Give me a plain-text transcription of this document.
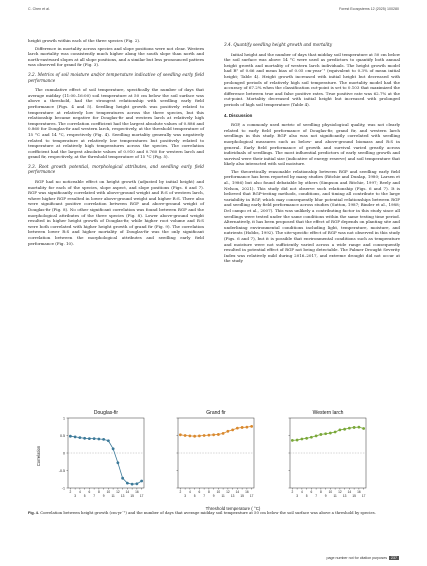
C. Chen et al.	Forest Ecosystems 12 (2025) 100280

height growth within each of the three species (Fig. 2).

Difference in mortality across species and slope positions were not clear. Western larch mortality was consistently much higher along the south slope than north and north-eastward slopes at all slope positions, and a similar but less pronounced pattern was observed for grand fir (Fig. 3).

3.2. Metrics of soil moisture and/or temperature indicative of seedling early field performance

The cumulative effect of soil temperature, specifically the number of days that average midday (11:00–16:00) soil temperature at 50 cm below the soil surface was above a threshold, had the strongest relationship with seedling early field performance (Figs. 4 and 5). Seedling height growth was positively related to temperature at relatively low temperatures across the three species, but this relationship became negative for Douglas-fir and western larch at relatively high temperatures. The correlation coefficient had the largest absolute values of 0.886 and 0.860 for Douglas-fir and western larch, respectively, at the threshold temperature of 15 °C and 14 °C, respectively (Fig. 4). Seedling mortality generally was negatively related to temperature at relatively low temperatures but positively related to temperature at relatively high temperatures across the species. The correlation coefficient had the largest absolute values of 0.910 and 0.760 for western larch and grand fir, respectively, at the threshold temperature of 15 °C (Fig. 5).

3.3. Root growth potential, morphological attributes, and seedling early field performance

RGP had no noticeable effect on height growth (adjusted by initial height) and mortality for each of the species, slope aspect, and slope positions (Figs. 6 and 7). RGP was significantly correlated with above-ground weight and R:S of western larch, where higher RGP resulted in lower above-ground weight and higher R:S. There also were significant positive correlation between RGP and above-ground weight of Douglas-fir (Fig. 8). No other significant correlation was found between RGP and the morphological attributes of the three species (Fig. 8). Lower above-ground weight resulted in higher height growth of Douglas-fir, while higher root volume and R:S were both correlated with higher height growth of grand fir (Fig. 9). The correlation between lower R:S and higher mortality of Douglas-fir was the only significant correlation between the morphological attributes and seedling early field performance (Fig. 10).

3.4. Quantify seedling height growth and mortality

Initial height and the number of days that midday soil temperature at 50 cm below the soil surface was above 14 °C were used as predictors to quantify both annual height growth and mortality of western larch individuals. The height growth model had R² of 0.66 and mean bias of 0.05 cm·year⁻¹ (equivalent to 0.3% of mean initial height; Table 4). Height growth increased with initial height but decreased with prolonged periods of relatively high soil temperature. The mortality model had the accuracy of 67.2% when the classification cut-point is set to 0.103 that maximized the difference between true and false positive rates. True positive rate was 62.7% at the cut-point. Mortality decreased with initial height but increased with prolonged periods of high soil temperature (Table 4).

4. Discussion

RGP, a commonly used metric of seedling physiological quality, was not clearly related to early field performance of Douglas-fir, grand fir, and western larch seedlings in this study. RGP also was not significantly correlated with seedling morphological measures such as below- and above-ground biomass and R:S in general. Early field performance of growth and survival varied greatly across individuals of seedlings. The most influential predictors of early seedling growth and survival were their initial size (indicative of energy reserve) and soil temperature that likely also interacted with soil moisture.

The theoretically reasonable relationship between RGP and seedling early field performance has been reported by many studies (Ritchie and Dunlap, 1980; Larsen et al., 1986) but also found debatable by others (Simpson and Ritchie, 1997; Reely and Nelson, 2021). This study did not observe such relationship (Figs. 6 and 7). It is believed that RGP-testing methods, conditions, and timing all contribute to the large variability in RGP, which may consequently blur potential relationships between RGP and seedling early field performance across studies (Sutton, 1987; Binder et al., 1988; Del campo et al., 2007). This was unlikely a contributing factor in this study since all seedlings were tested under the same conditions within the same testing time period. Alternatively, it has been proposed that the effect of RGP depends on planting site and underlining environmental conditions including light, temperature, moisture, and nutrients (Hobbs, 1992). The site-specific effect of RGP was not observed in this study (Figs. 6 and 7), but it is possible that environmental conditions such as temperature and moisture were not sufficiently varied across a wide range and consequently resulted in potential effect of RGP not being detectable. The Palmer Drought Severity Index was relatively mild during 2016–2017, and extreme drought did not occur at the study

Correlation
Threshold temperature ( °C)
Douglas-fir
-1
-0.5
0
0.5
1
2 4 6 8 10 12 14 16
3 5 7 9 11 13 15 17
Grand fir
2 4 6 8 10 12 14 16
3 5 7 9 11 13 15 17
Western larch
2 4 6 8 10 12 14 16
3 5 7 9 11 13 15 17
Fig. 4. Correlation between height growth (cm·yr⁻¹) and the number of days that average midday soil temperature at 50 cm below the soil surface was above a threshold by species.
page number not for citation purposes 237
